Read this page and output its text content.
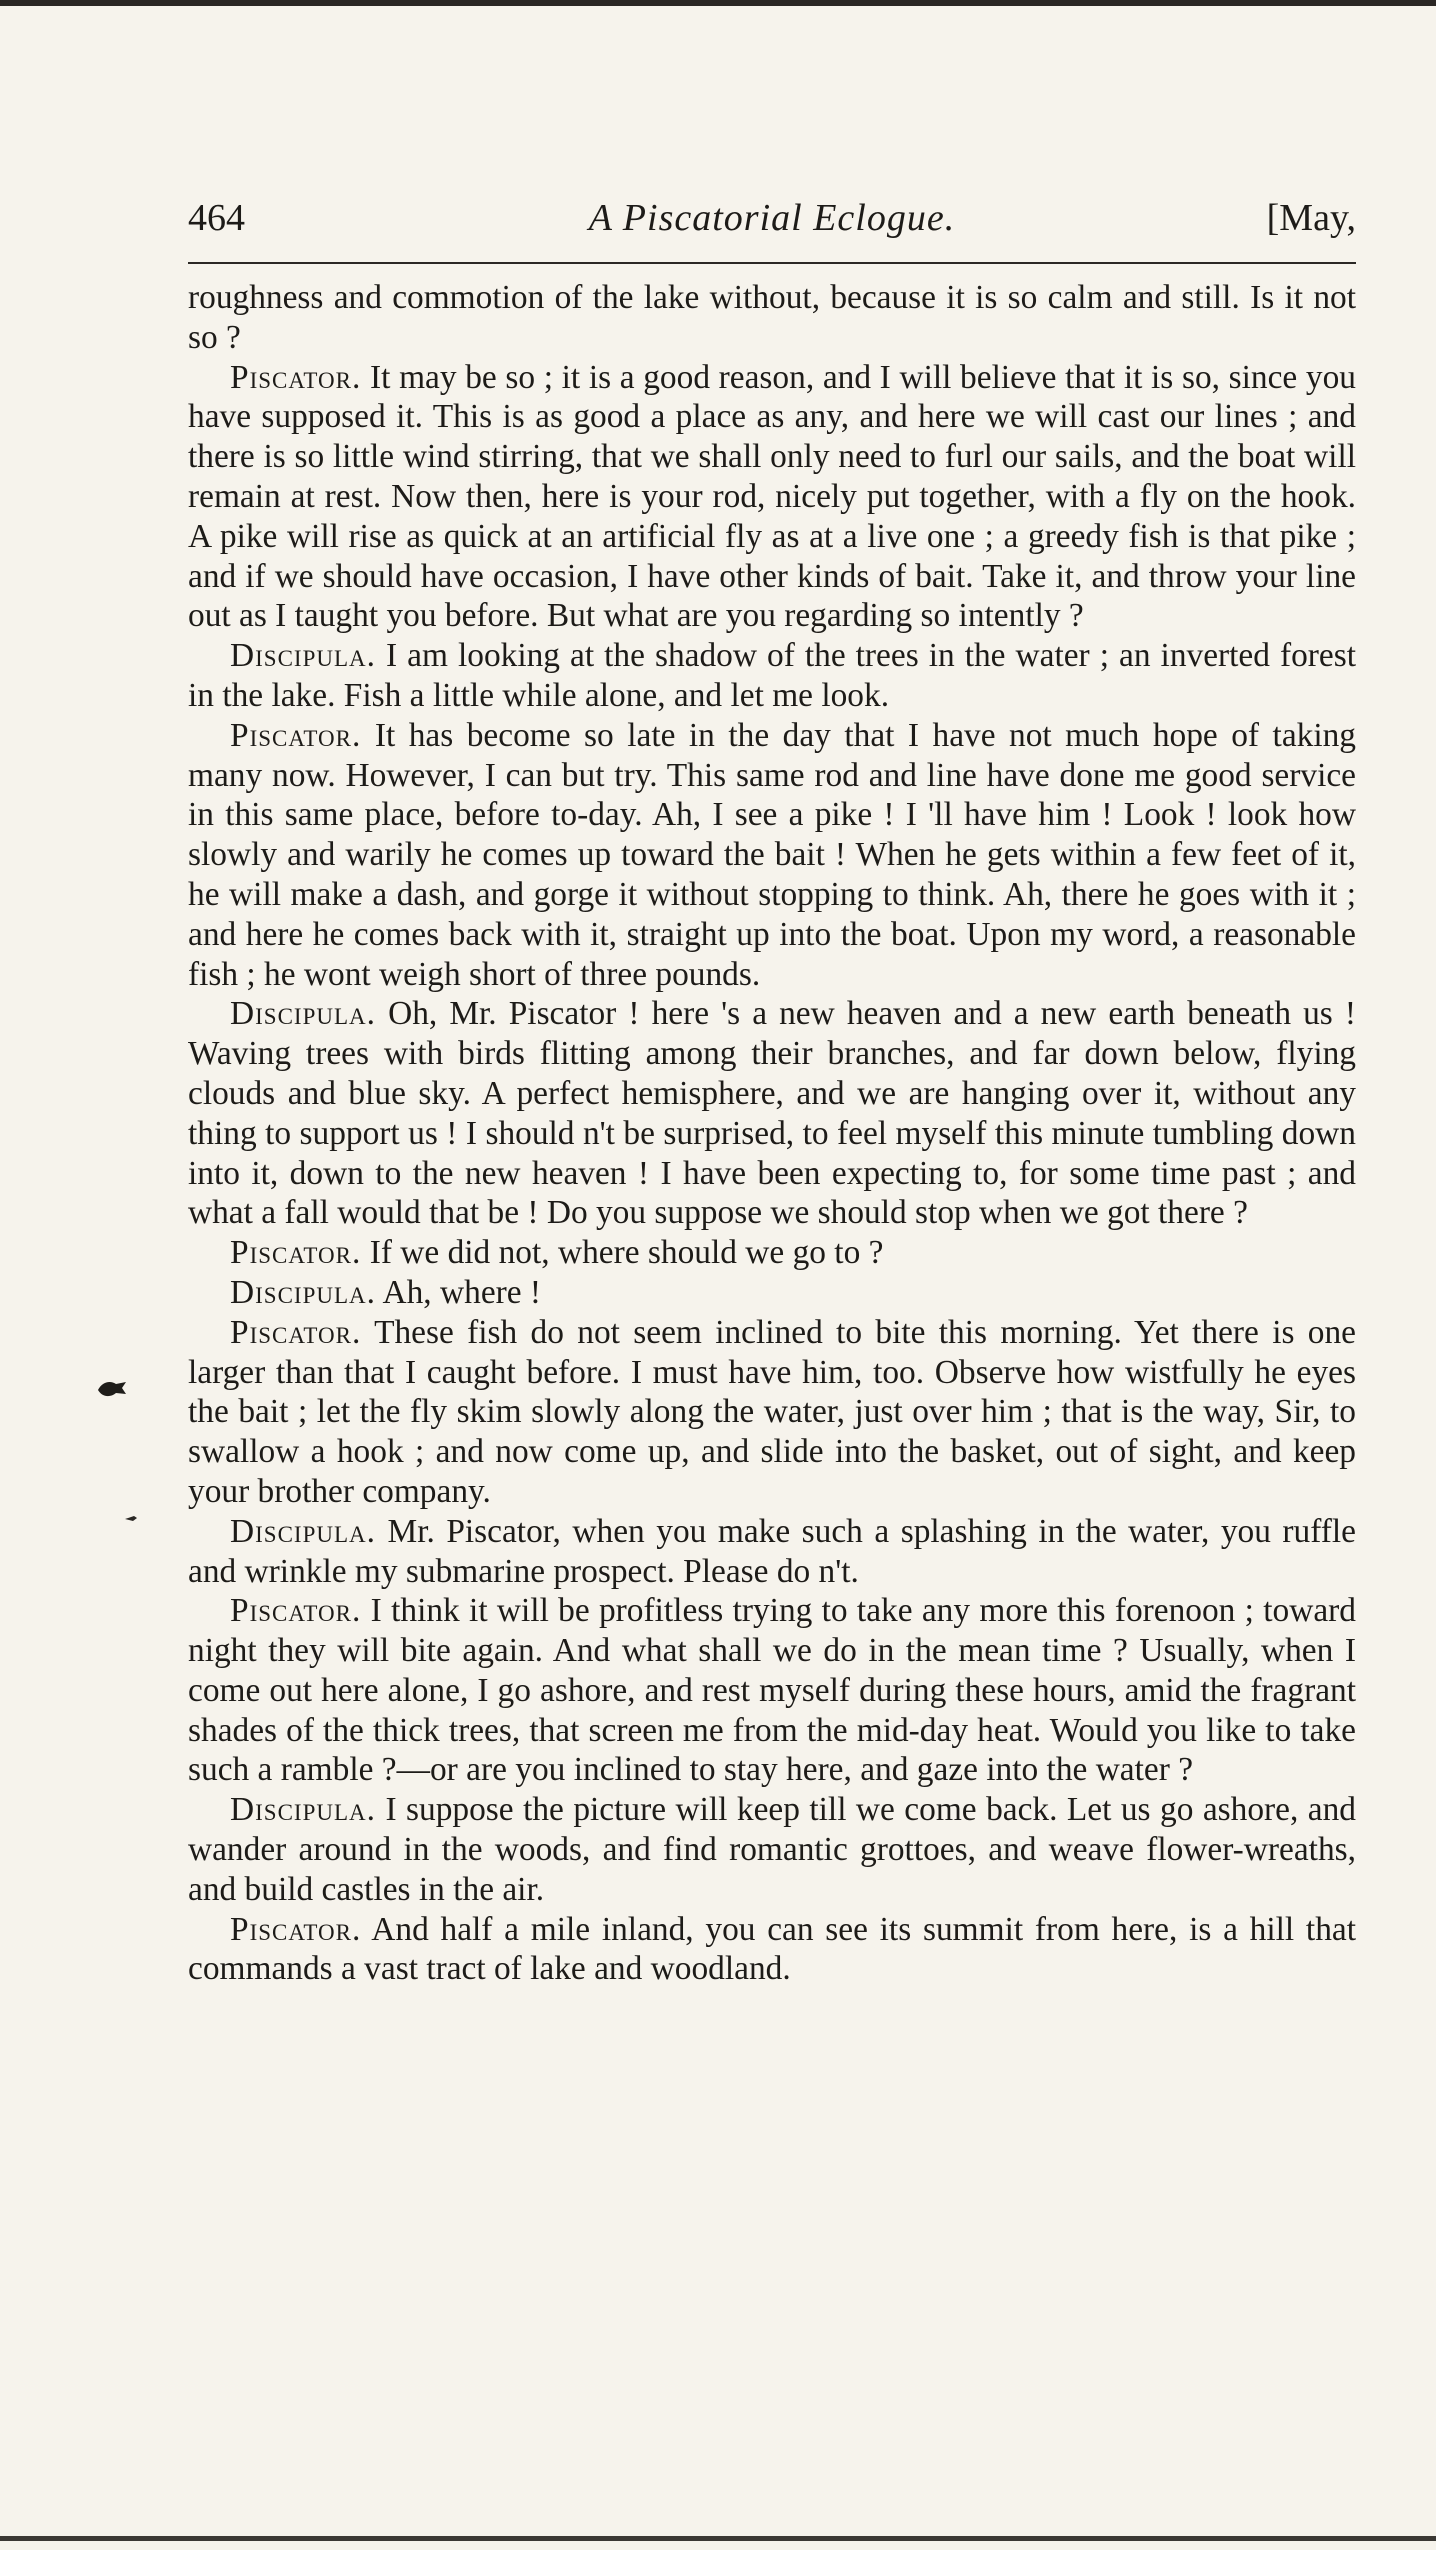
464	A Piscatorial Eclogue.	[May,

roughness and commotion of the lake without, because it is so calm and still. Is it not so ?

Piscator. It may be so ; it is a good reason, and I will believe that it is so, since you have supposed it. This is as good a place as any, and here we will cast our lines ; and there is so little wind stirring, that we shall only need to furl our sails, and the boat will remain at rest. Now then, here is your rod, nicely put together, with a fly on the hook. A pike will rise as quick at an artificial fly as at a live one ; a greedy fish is that pike ; and if we should have occasion, I have other kinds of bait. Take it, and throw your line out as I taught you before. But what are you regarding so intently ?

Discipula. I am looking at the shadow of the trees in the water ; an inverted forest in the lake. Fish a little while alone, and let me look.

Piscator. It has become so late in the day that I have not much hope of taking many now. However, I can but try. This same rod and line have done me good service in this same place, before to-day. Ah, I see a pike ! I 'll have him ! Look ! look how slowly and warily he comes up toward the bait ! When he gets within a few feet of it, he will make a dash, and gorge it without stopping to think. Ah, there he goes with it ; and here he comes back with it, straight up into the boat. Upon my word, a reasonable fish ; he wont weigh short of three pounds.

Discipula. Oh, Mr. Piscator ! here 's a new heaven and a new earth beneath us ! Waving trees with birds flitting among their branches, and far down below, flying clouds and blue sky. A perfect hemisphere, and we are hanging over it, without any thing to support us ! I should n't be surprised, to feel myself this minute tumbling down into it, down to the new heaven ! I have been expecting to, for some time past ; and what a fall would that be ! Do you suppose we should stop when we got there ?

Piscator. If we did not, where should we go to ?

Discipula. Ah, where !

Piscator. These fish do not seem inclined to bite this morning. Yet there is one larger than that I caught before. I must have him, too. Observe how wistfully he eyes the bait ; let the fly skim slowly along the water, just over him ; that is the way, Sir, to swallow a hook ; and now come up, and slide into the basket, out of sight, and keep your brother company.

Discipula. Mr. Piscator, when you make such a splashing in the water, you ruffle and wrinkle my submarine prospect. Please do n't.

Piscator. I think it will be profitless trying to take any more this forenoon ; toward night they will bite again. And what shall we do in the mean time ? Usually, when I come out here alone, I go ashore, and rest myself during these hours, amid the fragrant shades of the thick trees, that screen me from the mid-day heat. Would you like to take such a ramble ?—or are you inclined to stay here, and gaze into the water ?

Discipula. I suppose the picture will keep till we come back. Let us go ashore, and wander around in the woods, and find romantic grottoes, and weave flower-wreaths, and build castles in the air.

Piscator. And half a mile inland, you can see its summit from here, is a hill that commands a vast tract of lake and woodland.
